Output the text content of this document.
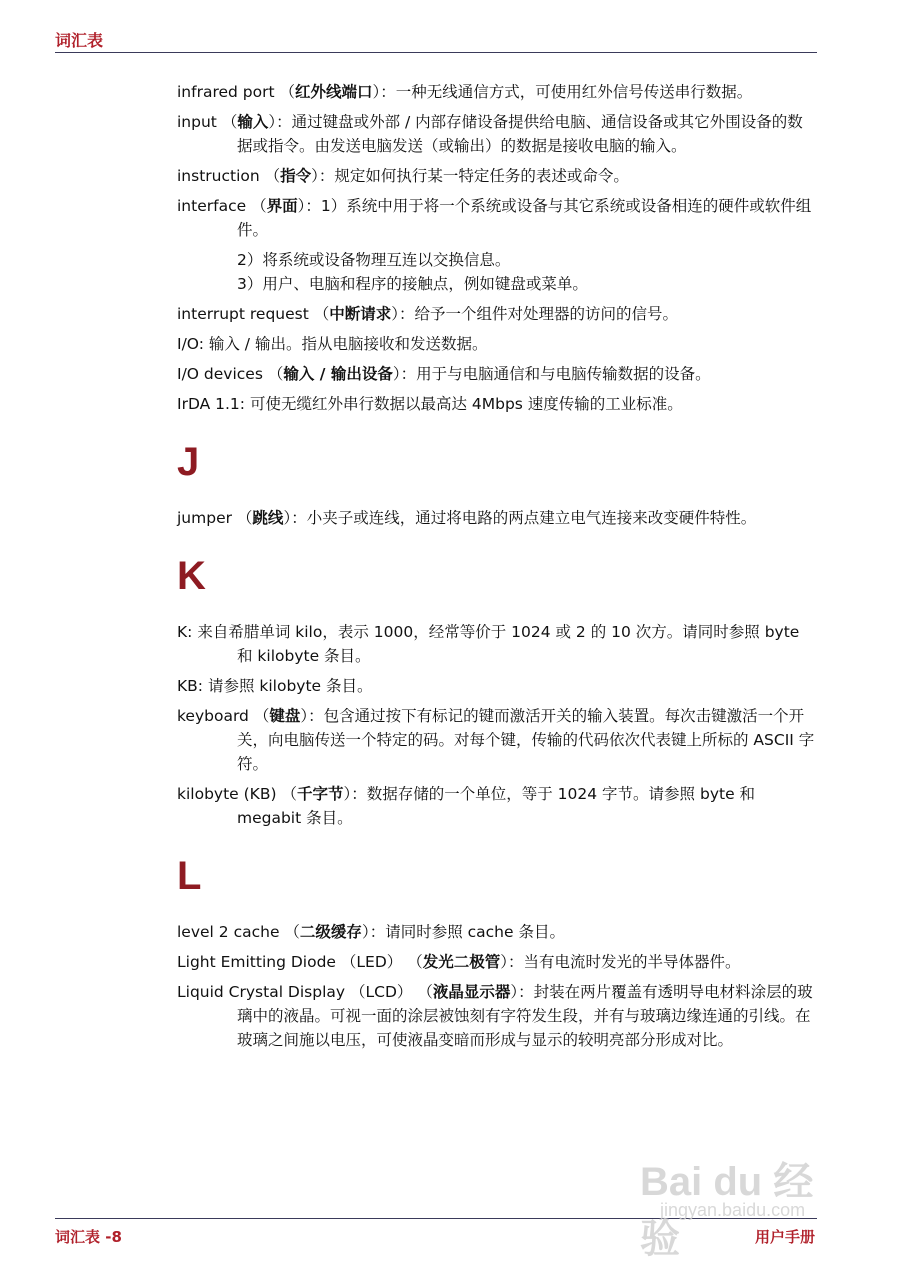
词汇表
infrared port （红外线端口）：一种无线通信方式，可使用红外信号传送串行数据。
input （输入）：通过键盘或外部 / 内部存储设备提供给电脑、通信设备或其它外围设备的数据或指令。由发送电脑发送（或输出）的数据是接收电脑的输入。
instruction （指令）：规定如何执行某一特定任务的表述或命令。
interface （界面）：1）系统中用于将一个系统或设备与其它系统或设备相连的硬件或软件组件。
2）将系统或设备物理互连以交换信息。
3）用户、电脑和程序的接触点，例如键盘或菜单。
interrupt request （中断请求）：给予一个组件对处理器的访问的信号。
I/O: 输入 / 输出。指从电脑接收和发送数据。
I/O devices （输入 / 输出设备）：用于与电脑通信和与电脑传输数据的设备。
IrDA 1.1: 可使无缆红外串行数据以最高达 4Mbps 速度传输的工业标准。
J
jumper （跳线）：小夹子或连线，通过将电路的两点建立电气连接来改变硬件特性。
K
K: 来自希腊单词 kilo，表示 1000，经常等价于 1024 或 2 的 10 次方。请同时参照 byte 和 kilobyte 条目。
KB: 请参照 kilobyte 条目。
keyboard （键盘）：包含通过按下有标记的键而激活开关的输入装置。每次击键激活一个开关，向电脑传送一个特定的码。对每个键，传输的代码依次代表键上所标的 ASCII 字符。
kilobyte (KB) （千字节）：数据存储的一个单位，等于 1024 字节。请参照 byte 和 megabit 条目。
L
level 2 cache （二级缓存）：请同时参照 cache 条目。
Light Emitting Diode （LED） （发光二极管）：当有电流时发光的半导体器件。
Liquid Crystal Display （LCD） （液晶显示器）：封装在两片覆盖有透明导电材料涂层的玻璃中的液晶。可视一面的涂层被蚀刻有字符发生段，并有与玻璃边缘连通的引线。在玻璃之间施以电压，可使液晶变暗而形成与显示的较明亮部分形成对比。
词汇表 -8	用户手册
Bai du 经验
jingyan.baidu.com
